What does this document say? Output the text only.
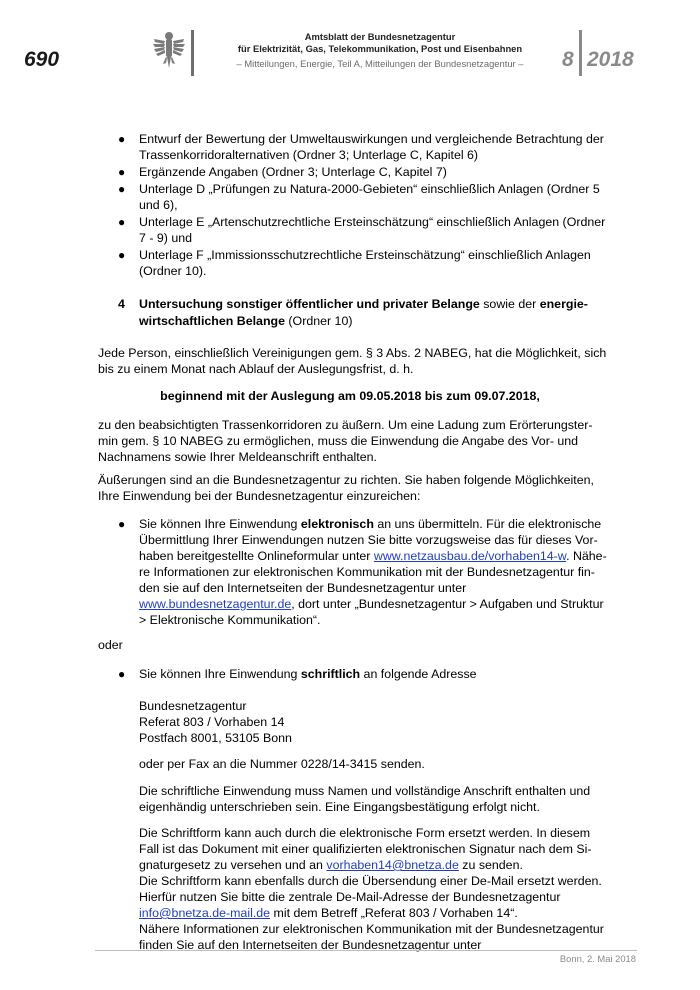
690
Amtsblatt der Bundesnetzagentur
für Elektrizität, Gas, Telekommunikation, Post und Eisenbahnen
– Mitteilungen, Energie, Teil A, Mitteilungen der Bundesnetzagentur –	8 2018
● Entwurf der Bewertung der Umweltauswirkungen und vergleichende Betrachtung der
Trassenkorridoralternativen (Ordner 3; Unterlage C, Kapitel 6)
● Ergänzende Angaben (Ordner 3; Unterlage C, Kapitel 7)
● Unterlage D „Prüfungen zu Natura-2000-Gebieten“ einschließlich Anlagen (Ordner 5
und 6),
● Unterlage E „Artenschutzrechtliche Ersteinschätzung“ einschließlich Anlagen (Ordner
7 - 9) und
● Unterlage F „Immissionsschutzrechtliche Ersteinschätzung“ einschließlich Anlagen
(Ordner 10).
4 Untersuchung sonstiger öffentlicher und privater Belange sowie der energie-
wirtschaftlichen Belange (Ordner 10)
Jede Person, einschließlich Vereinigungen gem. § 3 Abs. 2 NABEG, hat die Möglichkeit, sich
bis zu einem Monat nach Ablauf der Auslegungsfrist, d. h.
beginnend mit der Auslegung am 09.05.2018 bis zum 09.07.2018,
zu den beabsichtigten Trassenkorridoren zu äußern. Um eine Ladung zum Erörterungster-
min gem. § 10 NABEG zu ermöglichen, muss die Einwendung die Angabe des Vor- und
Nachnamens sowie Ihrer Meldeanschrift enthalten.
Äußerungen sind an die Bundesnetzagentur zu richten. Sie haben folgende Möglichkeiten,
Ihre Einwendung bei der Bundesnetzagentur einzureichen:
● Sie können Ihre Einwendung elektronisch an uns übermitteln. Für die elektronische
Übermittlung Ihrer Einwendungen nutzen Sie bitte vorzugsweise das für dieses Vor-
haben bereitgestellte Onlineformular unter www.netzausbau.de/vorhaben14-w. Nähe-
re Informationen zur elektronischen Kommunikation mit der Bundesnetzagentur fin-
den sie auf den Internetseiten der Bundesnetzagentur unter
www.bundesnetzagentur.de, dort unter „Bundesnetzagentur > Aufgaben und Struktur
> Elektronische Kommunikation“.
oder
● Sie können Ihre Einwendung schriftlich an folgende Adresse
Bundesnetzagentur
Referat 803 / Vorhaben 14
Postfach 8001, 53105 Bonn
oder per Fax an die Nummer 0228/14-3415 senden.
Die schriftliche Einwendung muss Namen und vollständige Anschrift enthalten und
eigenhändig unterschrieben sein. Eine Eingangsbestätigung erfolgt nicht.
Die Schriftform kann auch durch die elektronische Form ersetzt werden. In diesem
Fall ist das Dokument mit einer qualifizierten elektronischen Signatur nach dem Si-
gnaturgesetz zu versehen und an vorhaben14@bnetza.de zu senden.
Die Schriftform kann ebenfalls durch die Übersendung einer De-Mail ersetzt werden.
Hierfür nutzen Sie bitte die zentrale De-Mail-Adresse der Bundesnetzagentur
info@bnetza.de-mail.de mit dem Betreff „Referat 803 / Vorhaben 14“.
Nähere Informationen zur elektronischen Kommunikation mit der Bundesnetzagentur
finden Sie auf den Internetseiten der Bundesnetzagentur unter
Bonn, 2. Mai 2018
